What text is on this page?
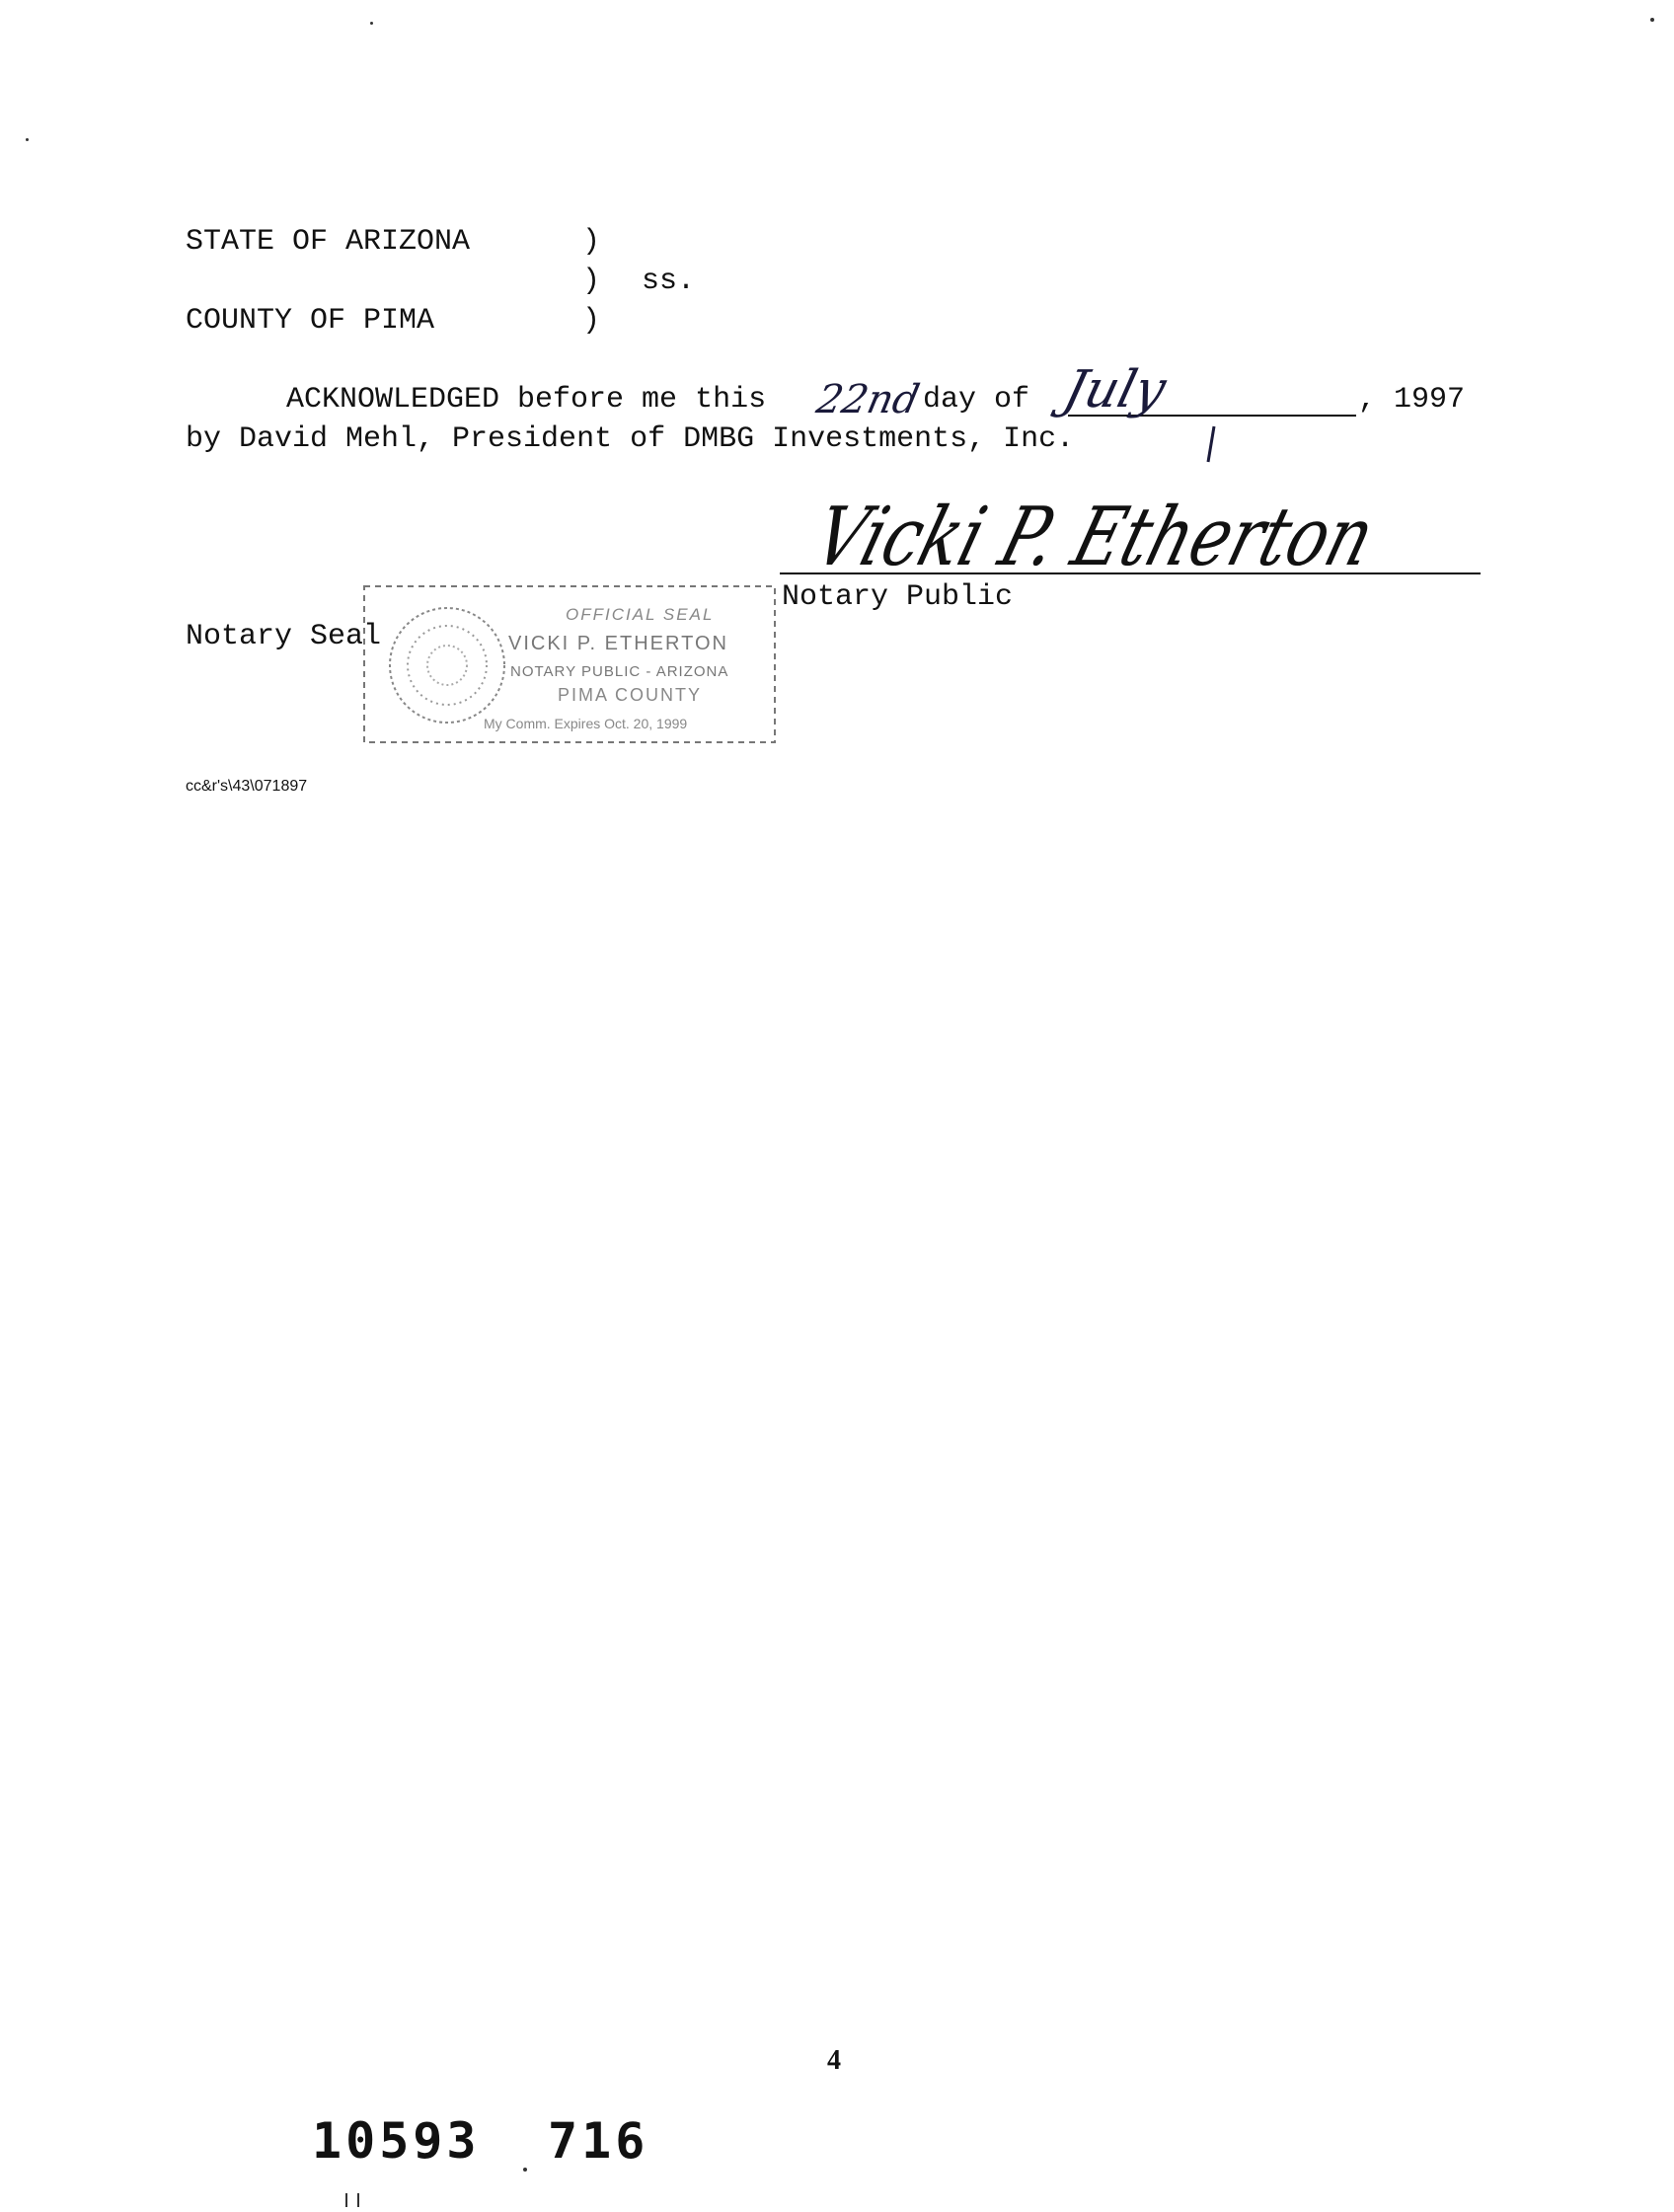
STATE OF ARIZONA	)
) ss.
COUNTY OF PIMA	)
ACKNOWLEDGED before me this 22nd day of July	, 1997
by David Mehl, President of DMBG Investments, Inc.
Vicki P. Etherton
Notary Public
Notary Seal
OFFICIAL SEAL
VICKI P. ETHERTON
NOTARY PUBLIC - ARIZONA
PIMA COUNTY
My Comm. Expires Oct. 20, 1999
cc&r's\43\071897
4
10593 716
